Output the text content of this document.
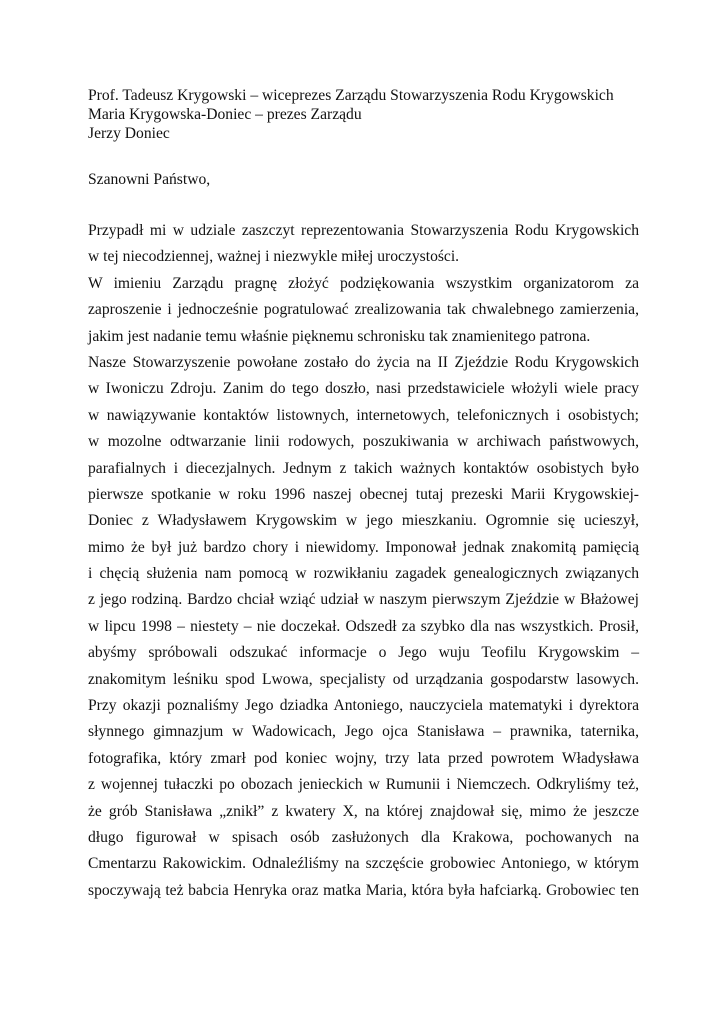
Prof. Tadeusz Krygowski – wiceprezes Zarządu Stowarzyszenia Rodu Krygowskich
Maria Krygowska-Doniec – prezes Zarządu
Jerzy Doniec
Szanowni Państwo,
Przypadł mi w udziale zaszczyt reprezentowania Stowarzyszenia Rodu Krygowskich
w tej niecodziennej, ważnej i niezwykle miłej uroczystości.
W imieniu Zarządu pragnę złożyć podziękowania wszystkim organizatorom za
zaproszenie i jednocześnie pogratulować zrealizowania tak chwalebnego zamierzenia,
jakim jest nadanie temu właśnie pięknemu schronisku tak znamienitego patrona.
Nasze Stowarzyszenie powołane zostało do życia na II Zjeździe Rodu Krygowskich
w Iwoniczu Zdroju. Zanim do tego doszło, nasi przedstawiciele włożyli wiele pracy
w nawiązywanie kontaktów listownych, internetowych, telefonicznych i osobistych;
w mozolne odtwarzanie linii rodowych, poszukiwania w archiwach państwowych,
parafialnych i diecezjalnych. Jednym z takich ważnych kontaktów osobistych było
pierwsze spotkanie w roku 1996 naszej obecnej tutaj prezeski Marii Krygowskiej-
Doniec z Władysławem Krygowskim w jego mieszkaniu. Ogromnie się ucieszył,
mimo że był już bardzo chory i niewidomy. Imponował jednak znakomitą pamięcią
i chęcią służenia nam pomocą w rozwikłaniu zagadek genealogicznych związanych
z jego rodziną. Bardzo chciał wziąć udział w naszym pierwszym Zjeździe w Błażowej
w lipcu 1998 – niestety – nie doczekał. Odszedł za szybko dla nas wszystkich. Prosił,
abyśmy spróbowali odszukać informacje o Jego wuju Teofilu Krygowskim –
znakomitym leśniku spod Lwowa, specjalisty od urządzania gospodarstw lasowych.
Przy okazji poznaliśmy Jego dziadka Antoniego, nauczyciela matematyki i dyrektora
słynnego gimnazjum w Wadowicach, Jego ojca Stanisława – prawnika, taternika,
fotografika, który zmarł pod koniec wojny, trzy lata przed powrotem Władysława
z wojennej tułaczki po obozach jenieckich w Rumunii i Niemczech. Odkryliśmy też,
że grób Stanisława „znikł” z kwatery X, na której znajdował się, mimo że jeszcze
długo figurował w spisach osób zasłużonych dla Krakowa, pochowanych na
Cmentarzu Rakowickim. Odnaleźliśmy na szczęście grobowiec Antoniego, w którym
spoczywają też babcia Henryka oraz matka Maria, która była hafciarką. Grobowiec ten
